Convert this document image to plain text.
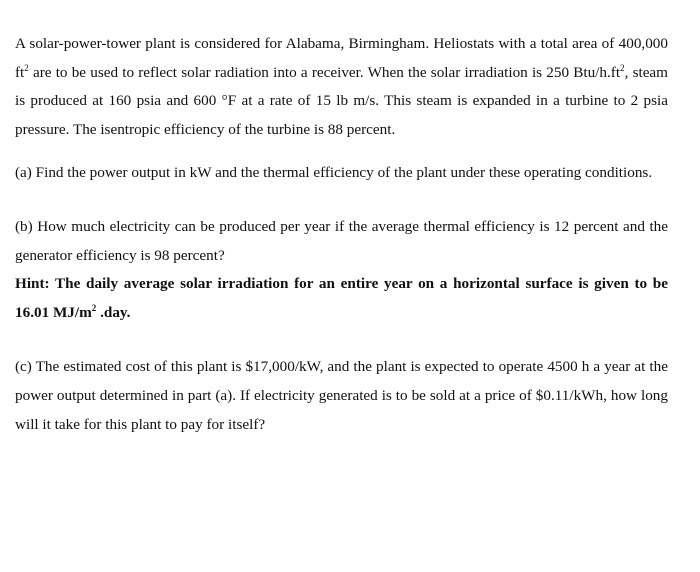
A solar-power-tower plant is considered for Alabama, Birmingham. Heliostats with a total area of 400,000 $ft^2$ are to be used to reflect solar radiation into a receiver. When the solar irradiation is 250 Btu/$h.ft^2$, steam is produced at 160 psia and 600 °F at a rate of 15 lb m/s. This steam is expanded in a turbine to 2 psia pressure. The isentropic efficiency of the turbine is 88 percent.

(a) Find the power output in kW and the thermal efficiency of the plant under these operating conditions.

(b) How much electricity can be produced per year if the average thermal efficiency is 12 percent and the generator efficiency is 98 percent?

Hint: The daily average solar irradiation for an entire year on a horizontal surface is given to be 16.01 $MJ/m^2$ .day.

(c) The estimated cost of this plant is $17,000/kW, and the plant is expected to operate 4500 h a year at the power output determined in part (a). If electricity generated is to be sold at a price of $0.11/kWh, how long will it take for this plant to pay for itself?
